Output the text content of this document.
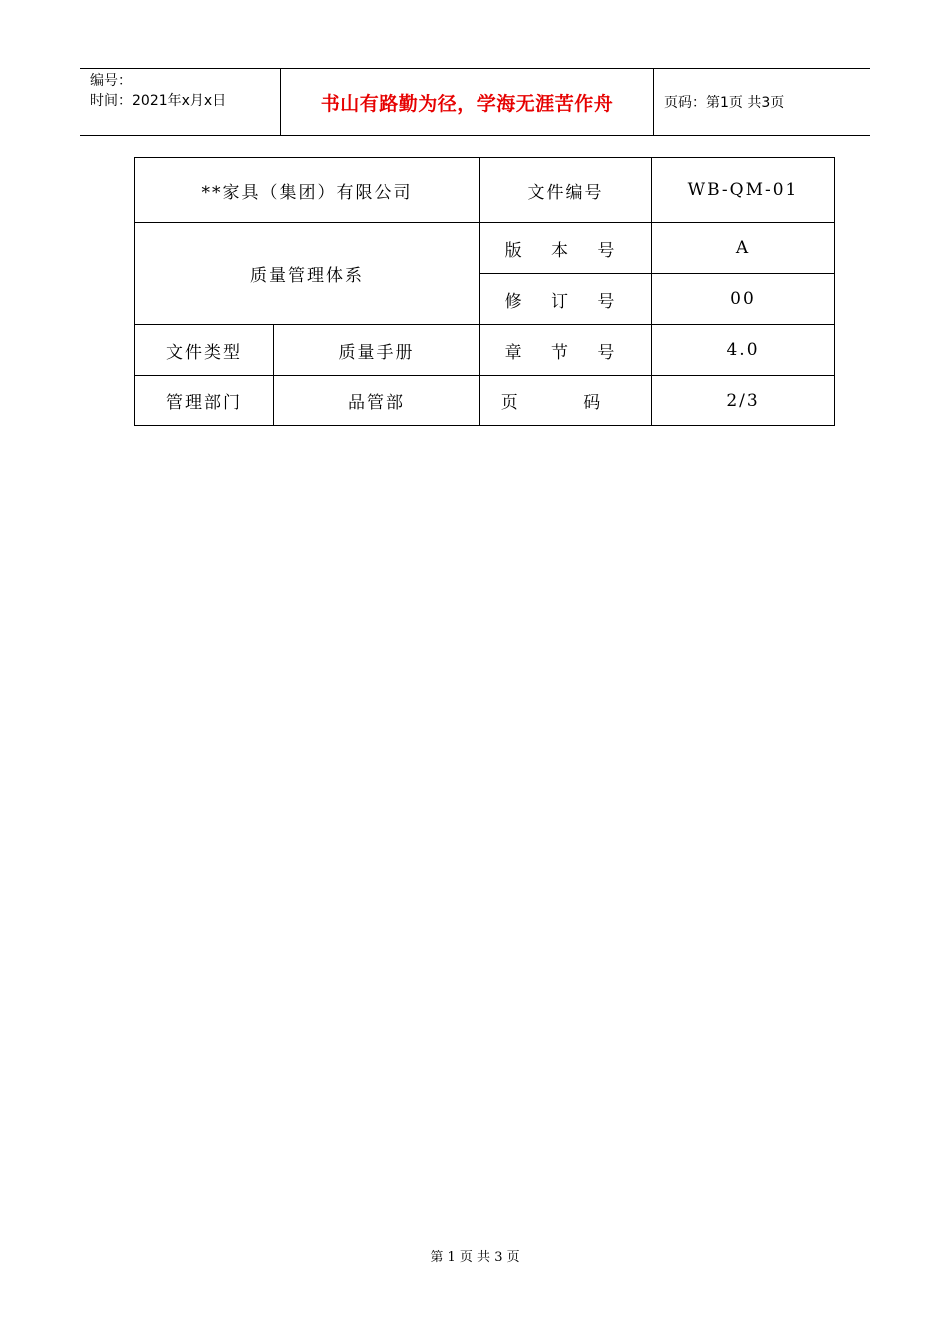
编号：
时间：2021年x月x日	书山有路勤为径，学海无涯苦作舟	页码：第1页 共3页
**家具（集团）有限公司		文件编号	WB-QM-01
质量管理体系		版 本 号	A
		修 订 号	00
文件类型	质量手册	章 节 号	4.0
管理部门	品管部	页 码	2/3
第 1 页 共 3 页
